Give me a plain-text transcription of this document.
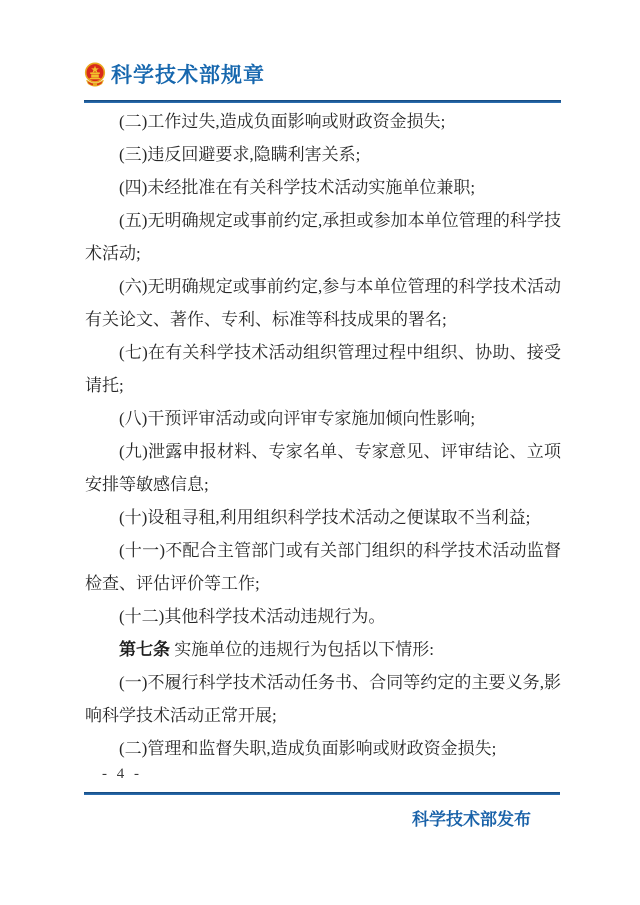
科学技术部规章

(二)工作过失,造成负面影响或财政资金损失;

(三)违反回避要求,隐瞒利害关系;

(四)未经批准在有关科学技术活动实施单位兼职;

(五)无明确规定或事前约定,承担或参加本单位管理的科学技术活动;

(六)无明确规定或事前约定,参与本单位管理的科学技术活动有关论文、著作、专利、标准等科技成果的署名;

(七)在有关科学技术活动组织管理过程中组织、协助、接受请托;

(八)干预评审活动或向评审专家施加倾向性影响;

(九)泄露申报材料、专家名单、专家意见、评审结论、立项安排等敏感信息;

(十)设租寻租,利用组织科学技术活动之便谋取不当利益;

(十一)不配合主管部门或有关部门组织的科学技术活动监督检查、评估评价等工作;

(十二)其他科学技术活动违规行为。

第七条 实施单位的违规行为包括以下情形:

(一)不履行科学技术活动任务书、合同等约定的主要义务,影响科学技术活动正常开展;

(二)管理和监督失职,造成负面影响或财政资金损失;

- 4 -
科学技术部发布
